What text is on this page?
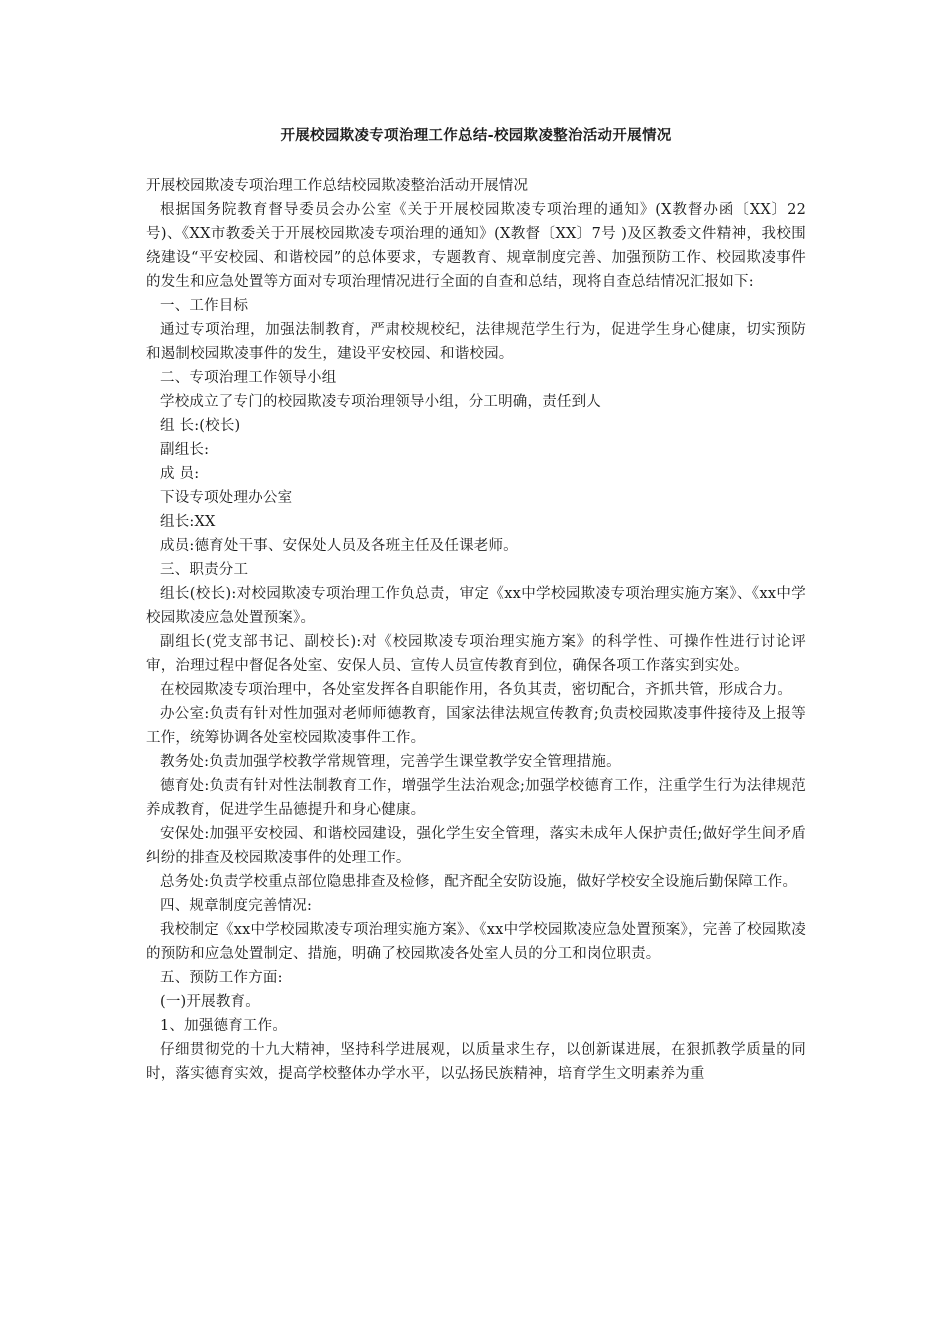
开展校园欺凌专项治理工作总结-校园欺凌整治活动开展情况

开展校园欺凌专项治理工作总结校园欺凌整治活动开展情况

根据国务院教育督导委员会办公室《关于开展校园欺凌专项治理的通知》(X教督办函〔XX〕22号)、《XX市教委关于开展校园欺凌专项治理的通知》(X教督〔XX〕7号 )及区教委文件精神，我校围绕建设“平安校园、和谐校园”的总体要求，专题教育、规章制度完善、加强预防工作、校园欺凌事件的发生和应急处置等方面对专项治理情况进行全面的自查和总结，现将自查总结情况汇报如下:

一、工作目标

通过专项治理，加强法制教育，严肃校规校纪，法律规范学生行为，促进学生身心健康，切实预防和遏制校园欺凌事件的发生，建设平安校园、和谐校园。

二、专项治理工作领导小组

学校成立了专门的校园欺凌专项治理领导小组，分工明确，责任到人

组 长:(校长)

副组长:

成 员:

下设专项处理办公室

组长:XX

成员:德育处干事、安保处人员及各班主任及任课老师。

三、职责分工

组长(校长):对校园欺凌专项治理工作负总责，审定《xx中学校园欺凌专项治理实施方案》、《xx中学校园欺凌应急处置预案》。

副组长(党支部书记、副校长):对《校园欺凌专项治理实施方案》的科学性、可操作性进行讨论评审，治理过程中督促各处室、安保人员、宣传人员宣传教育到位，确保各项工作落实到实处。

在校园欺凌专项治理中，各处室发挥各自职能作用，各负其责，密切配合，齐抓共管，形成合力。

办公室:负责有针对性加强对老师师德教育，国家法律法规宣传教育;负责校园欺凌事件接待及上报等工作，统筹协调各处室校园欺凌事件工作。

教务处:负责加强学校教学常规管理，完善学生课堂教学安全管理措施。

德育处:负责有针对性法制教育工作，增强学生法治观念;加强学校德育工作，注重学生行为法律规范养成教育，促进学生品德提升和身心健康。

安保处:加强平安校园、和谐校园建设，强化学生安全管理，落实未成年人保护责任;做好学生间矛盾纠纷的排查及校园欺凌事件的处理工作。

总务处:负责学校重点部位隐患排查及检修，配齐配全安防设施，做好学校安全设施后勤保障工作。

四、规章制度完善情况:

我校制定《xx中学校园欺凌专项治理实施方案》、《xx中学校园欺凌应急处置预案》，完善了校园欺凌的预防和应急处置制定、措施，明确了校园欺凌各处室人员的分工和岗位职责。

五、预防工作方面:

(一)开展教育。

1、加强德育工作。

仔细贯彻党的十九大精神，坚持科学进展观，以质量求生存，以创新谋进展，在狠抓教学质量的同时，落实德育实效，提高学校整体办学水平，以弘扬民族精神，培育学生文明素养为重
